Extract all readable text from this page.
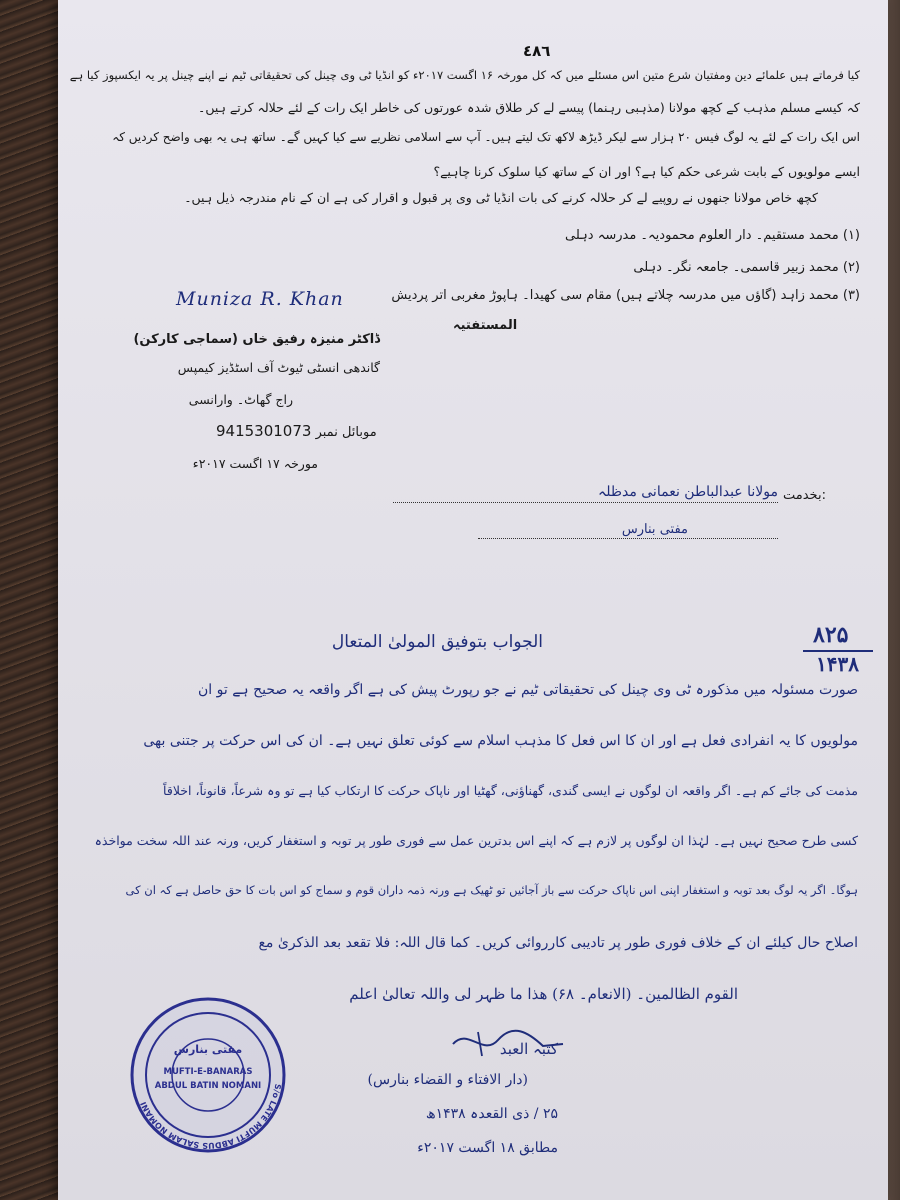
٤٨٦
کیا فرماتے ہیں علمائے دین ومفتیان شرع متین اس مسئلے میں کہ کل مورخہ ۱۶ اگست ۲۰۱۷ء کو انڈیا ٹی وی چینل کی تحقیقاتی ٹیم نے اپنے چینل پر یہ ایکسپوز کیا ہے
کہ کیسے مسلم مذہب کے کچھ مولانا (مذہبی رہنما) پیسے لے کر طلاق شدہ عورتوں کی خاطر ایک رات کے لئے حلالہ کرتے ہیں۔
اس ایک رات کے لئے یہ لوگ فیس ۲۰ ہزار سے لیکر ڈیڑھ لاکھ تک لیتے ہیں۔ آپ سے اسلامی نظریے سے کیا کہیں گے۔ ساتھ ہی یہ بھی واضح کردیں کہ
ایسے مولویوں کے بابت شرعی حکم کیا ہے؟ اور ان کے ساتھ کیا سلوک کرنا چاہیے؟
کچھ خاص مولانا جنھوں نے روپیے لے کر حلالہ کرنے کی بات انڈیا ٹی وی پر قبول و اقرار کی ہے ان کے نام مندرجہ ذیل ہیں۔
(۱) محمد مستقیم۔ دار العلوم محمودیہ۔ مدرسہ دہلی
(۲) محمد زبیر قاسمی۔ جامعہ نگر۔ دہلی
(۳) محمد زاہد (گاؤں میں مدرسہ چلاتے ہیں) مقام سی کھیدا۔ ہاپوڑ مغربی اتر پردیش
المستفتیہ
Muniza R. Khan
ڈاکٹر منیزہ رفیق خاں (سماجی کارکن)
گاندھی انسٹی ٹیوٹ آف اسٹڈیز کیمپس
راج گھاٹ۔ وارانسی
9415301073 موبائل نمبر
مورخہ ۱۷ اگست ۲۰۱۷ء
بخدمت:
مولانا عبدالباطن نعمانی مدظلہ
مفتی بنارس
۸۲۵
۱۴۳۸
الجواب بتوفیق المولیٰ المتعال
صورت مسئولہ میں مذکورہ ٹی وی چینل کی تحقیقاتی ٹیم نے جو رپورٹ پیش کی ہے اگر واقعہ یہ صحیح ہے تو ان
مولویوں کا یہ انفرادی فعل ہے اور ان کا اس فعل کا مذہب اسلام سے کوئی تعلق نہیں ہے۔ ان کی اس حرکت پر جتنی بھی
مذمت کی جائے کم ہے۔ اگر واقعہ ان لوگوں نے ایسی گندی، گھناؤنی، گھٹیا اور ناپاک حرکت کا ارتکاب کیا ہے تو وہ شرعاً، قانوناً، اخلاقاً
کسی طرح صحیح نہیں ہے۔ لہٰذا ان لوگوں پر لازم ہے کہ اپنے اس بدترین عمل سے فوری طور پر توبہ و استغفار کریں، ورنہ عند اللہ سخت مواخذہ
ہوگا۔ اگر یہ لوگ بعد توبہ و استغفار اپنی اس ناپاک حرکت سے باز آجائیں تو ٹھیک ہے ورنہ ذمہ داران قوم و سماج کو اس بات کا حق حاصل ہے کہ ان کی
اصلاح حال کیلئے ان کے خلاف فوری طور پر تادیبی کارروائی کریں۔ کما قال اللہ: فلا تقعد بعد الذکریٰ مع
القوم الظالمین۔ (الانعام۔ ۶۸) ھذا ما ظہر لی واللہ تعالیٰ اعلم
کتبہ العبد
(دار الافتاء و القضاء بنارس)
۲۵ / ذی القعدہ ۱۴۳۸ھ
مطابق ۱۸ اگست ۲۰۱۷ء
S/o LATE MUFTI ABDUS SALAM NOMANI
مفتی بنارس
MUFTI-E-BANARAS
ABDUL BATIN NOMANI
